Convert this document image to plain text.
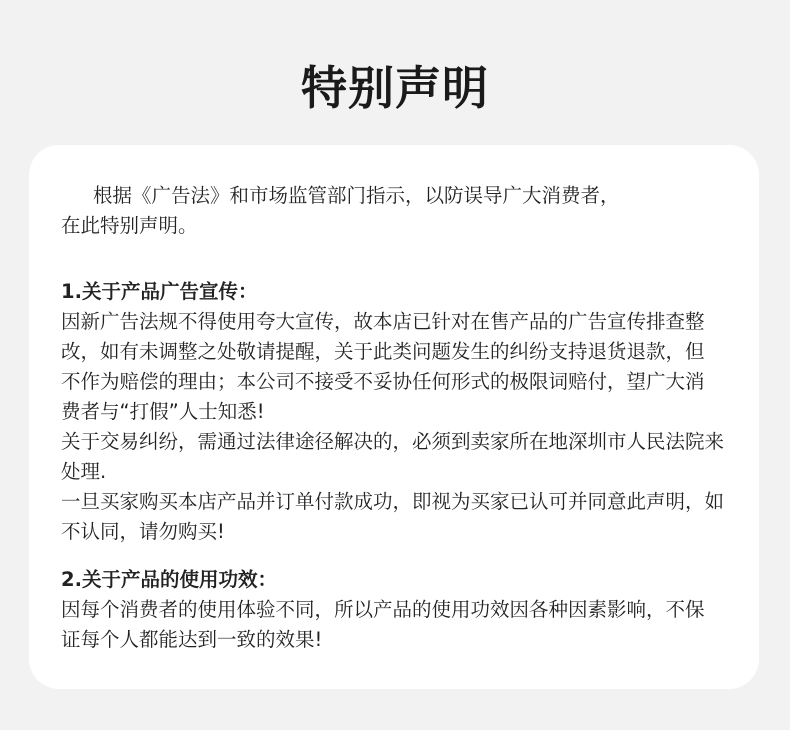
特别声明
根据《广告法》和市场监管部门指示，以防误导广大消费者，
在此特别声明。
1.关于产品广告宣传：
因新广告法规不得使用夸大宣传，故本店已针对在售产品的广告宣传排查整
改，如有未调整之处敬请提醒，关于此类问题发生的纠纷支持退货退款，但
不作为赔偿的理由；本公司不接受不妥协任何形式的极限词赔付，望广大消
费者与“打假”人士知悉!
关于交易纠纷，需通过法律途径解决的，必须到卖家所在地深圳市人民法院来
处理.
一旦买家购买本店产品并订单付款成功，即视为买家已认可并同意此声明，如
不认同，请勿购买!
2.关于产品的使用功效：
因每个消费者的使用体验不同，所以产品的使用功效因各种因素影响，不保
证每个人都能达到一致的效果!
